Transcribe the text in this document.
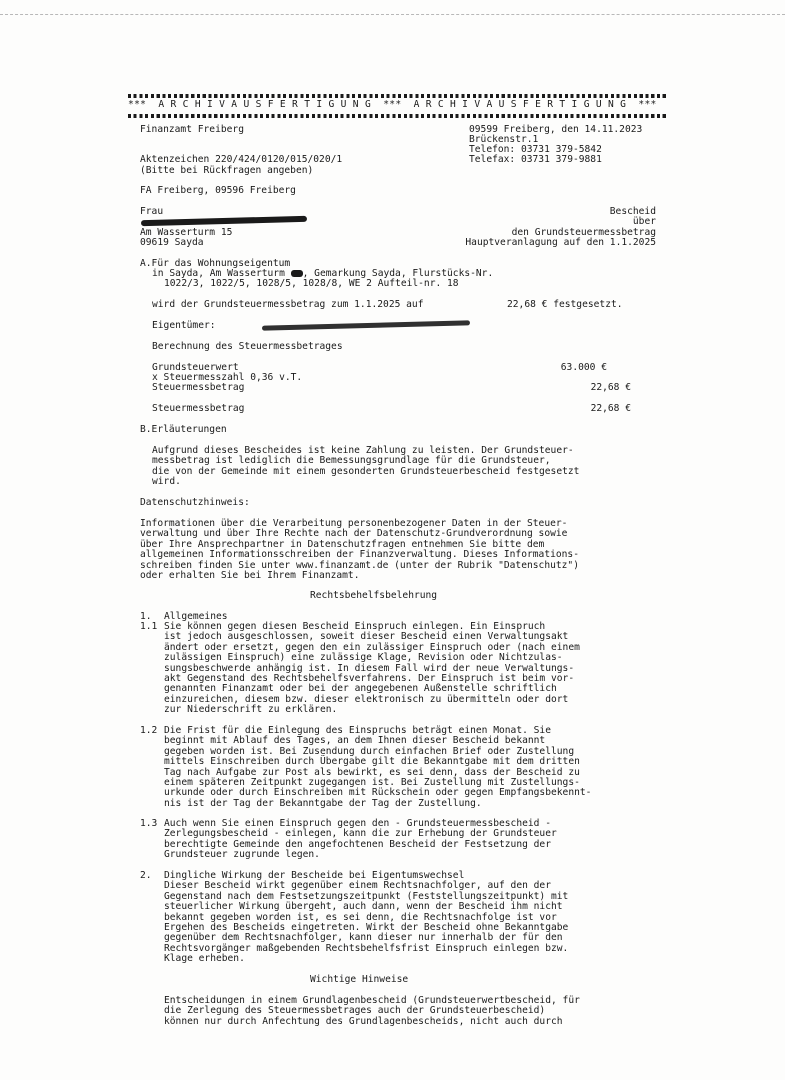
***  A R C H I V A U S F E R T I G U N G  ***  A R C H I V A U S F E R T I G U N G  ***
Finanzamt Freiberg	09599 Freiberg, den 14.11.2023
Brückenstr.1
Telefon: 03731 379-5842
Telefax: 03731 379-9881
Aktenzeichen 220/424/0120/015/020/1
(Bitte bei Rückfragen angeben)
FA Freiberg, 09596 Freiberg
Frau
Am Wasserturm 15
09619 Sayda
Bescheid
über
den Grundsteuermessbetrag
Hauptveranlagung auf den 1.1.2025
A.Für das Wohnungseigentum
in Sayda, Am Wasserturm , Gemarkung Sayda, Flurstücks-Nr.
1022/3, 1022/5, 1028/5, 1028/8, WE 2 Aufteil-nr. 18
wird der Grundsteuermessbetrag zum 1.1.2025 auf	22,68 € festgesetzt.
Eigentümer:
Berechnung des Steuermessbetrages
Grundsteuerwert	63.000 €
x Steuermesszahl 0,36 v.T.
Steuermessbetrag	22,68 €
Steuermessbetrag	22,68 €
B.Erläuterungen
Aufgrund dieses Bescheides ist keine Zahlung zu leisten. Der Grundsteuer-
messbetrag ist lediglich die Bemessungsgrundlage für die Grundsteuer,
die von der Gemeinde mit einem gesonderten Grundsteuerbescheid festgesetzt
wird.
Datenschutzhinweis:
Informationen über die Verarbeitung personenbezogener Daten in der Steuer-
verwaltung und über Ihre Rechte nach der Datenschutz-Grundverordnung sowie
über Ihre Ansprechpartner in Datenschutzfragen entnehmen Sie bitte dem
allgemeinen Informationsschreiben der Finanzverwaltung. Dieses Informations-
schreiben finden Sie unter www.finanzamt.de (unter der Rubrik "Datenschutz")
oder erhalten Sie bei Ihrem Finanzamt.
Rechtsbehelfsbelehrung
1. Allgemeines
1.1 Sie können gegen diesen Bescheid Einspruch einlegen. Ein Einspruch
ist jedoch ausgeschlossen, soweit dieser Bescheid einen Verwaltungsakt
ändert oder ersetzt, gegen den ein zulässiger Einspruch oder (nach einem
zulässigen Einspruch) eine zulässige Klage, Revision oder Nichtzulas-
sungsbeschwerde anhängig ist. In diesem Fall wird der neue Verwaltungs-
akt Gegenstand des Rechtsbehelfsverfahrens. Der Einspruch ist beim vor-
genannten Finanzamt oder bei der angegebenen Außenstelle schriftlich
einzureichen, diesem bzw. dieser elektronisch zu übermitteln oder dort
zur Niederschrift zu erklären.
1.2 Die Frist für die Einlegung des Einspruchs beträgt einen Monat. Sie
beginnt mit Ablauf des Tages, an dem Ihnen dieser Bescheid bekannt
gegeben worden ist. Bei Zusendung durch einfachen Brief oder Zustellung
mittels Einschreiben durch Übergabe gilt die Bekanntgabe mit dem dritten
Tag nach Aufgabe zur Post als bewirkt, es sei denn, dass der Bescheid zu
einem späteren Zeitpunkt zugegangen ist. Bei Zustellung mit Zustellungs-
urkunde oder durch Einschreiben mit Rückschein oder gegen Empfangsbekennt-
nis ist der Tag der Bekanntgabe der Tag der Zustellung.
1.3 Auch wenn Sie einen Einspruch gegen den - Grundsteuermessbescheid -
Zerlegungsbescheid - einlegen, kann die zur Erhebung der Grundsteuer
berechtigte Gemeinde den angefochtenen Bescheid der Festsetzung der
Grundsteuer zugrunde legen.
2. Dingliche Wirkung der Bescheide bei Eigentumswechsel
Dieser Bescheid wirkt gegenüber einem Rechtsnachfolger, auf den der
Gegenstand nach dem Festsetzungszeitpunkt (Feststellungszeitpunkt) mit
steuerlicher Wirkung übergeht, auch dann, wenn der Bescheid ihm nicht
bekannt gegeben worden ist, es sei denn, die Rechtsnachfolge ist vor
Ergehen des Bescheids eingetreten. Wirkt der Bescheid ohne Bekanntgabe
gegenüber dem Rechtsnachfolger, kann dieser nur innerhalb der für den
Rechtsvorgänger maßgebenden Rechtsbehelfsfrist Einspruch einlegen bzw.
Klage erheben.
Wichtige Hinweise
Entscheidungen in einem Grundlagenbescheid (Grundsteuerwertbescheid, für
die Zerlegung des Steuermessbetrages auch der Grundsteuerbescheid)
können nur durch Anfechtung des Grundlagenbescheids, nicht auch durch
